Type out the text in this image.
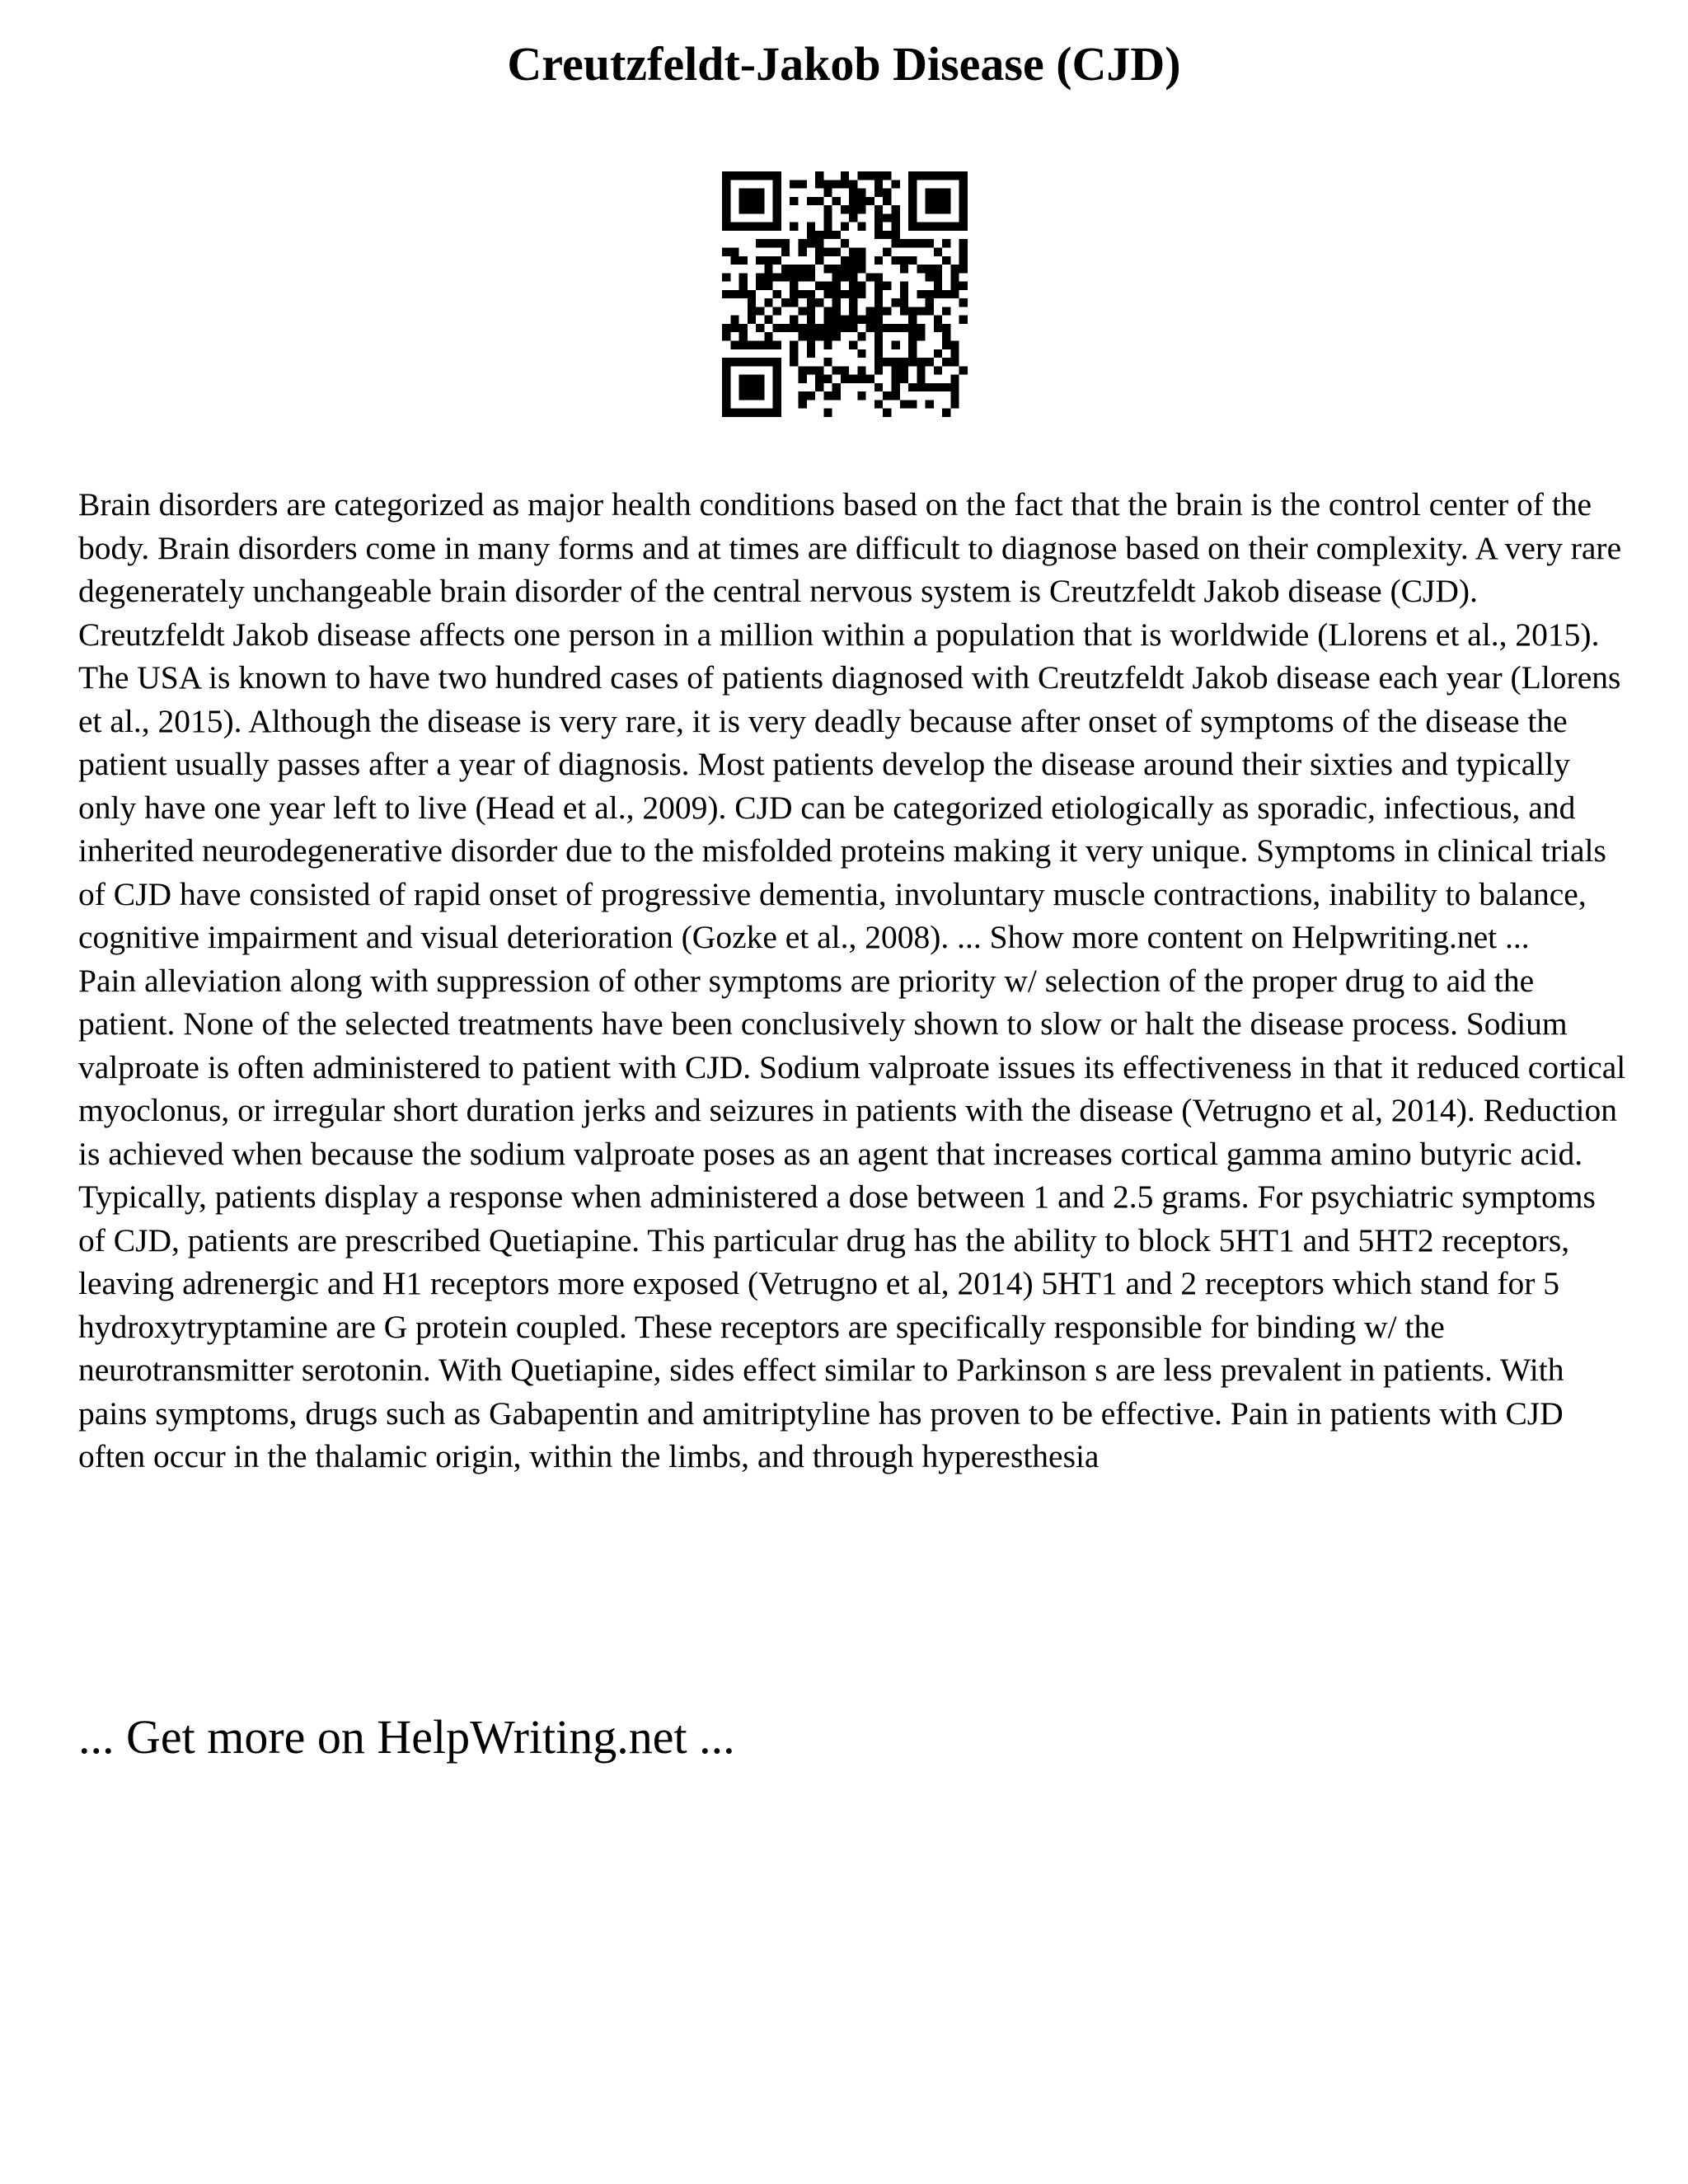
Creutzfeldt-Jakob Disease (CJD)

Brain disorders are categorized as major health conditions based on the fact that the brain is the control center of the body. Brain disorders come in many forms and at times are difficult to diagnose based on their complexity. A very rare degenerately unchangeable brain disorder of the central nervous system is Creutzfeldt Jakob disease (CJD). Creutzfeldt Jakob disease affects one person in a million within a population that is worldwide (Llorens et al., 2015). The USA is known to have two hundred cases of patients diagnosed with Creutzfeldt Jakob disease each year (Llorens et al., 2015). Although the disease is very rare, it is very deadly because after onset of symptoms of the disease the patient usually passes after a year of diagnosis. Most patients develop the disease around their sixties and typically only have one year left to live (Head et al., 2009). CJD can be categorized etiologically as sporadic, infectious, and inherited neurodegenerative disorder due to the misfolded proteins making it very unique. Symptoms in clinical trials of CJD have consisted of rapid onset of progressive dementia, involuntary muscle contractions, inability to balance, cognitive impairment and visual deterioration (Gozke et al., 2008). ... Show more content on Helpwriting.net ...

Pain alleviation along with suppression of other symptoms are priority w/ selection of the proper drug to aid the patient. None of the selected treatments have been conclusively shown to slow or halt the disease process. Sodium valproate is often administered to patient with CJD. Sodium valproate issues its effectiveness in that it reduced cortical myoclonus, or irregular short duration jerks and seizures in patients with the disease (Vetrugno et al, 2014). Reduction is achieved when because the sodium valproate poses as an agent that increases cortical gamma amino butyric acid. Typically, patients display a response when administered a dose between 1 and 2.5 grams. For psychiatric symptoms of CJD, patients are prescribed Quetiapine. This particular drug has the ability to block 5HT1 and 5HT2 receptors, leaving adrenergic and H1 receptors more exposed (Vetrugno et al, 2014) 5HT1 and 2 receptors which stand for 5 hydroxytryptamine are G protein coupled. These receptors are specifically responsible for binding w/ the neurotransmitter serotonin. With Quetiapine, sides effect similar to Parkinson s are less prevalent in patients. With pains symptoms, drugs such as Gabapentin and amitriptyline has proven to be effective. Pain in patients with CJD often occur in the thalamic origin, within the limbs, and through hyperesthesia

... Get more on HelpWriting.net ...
